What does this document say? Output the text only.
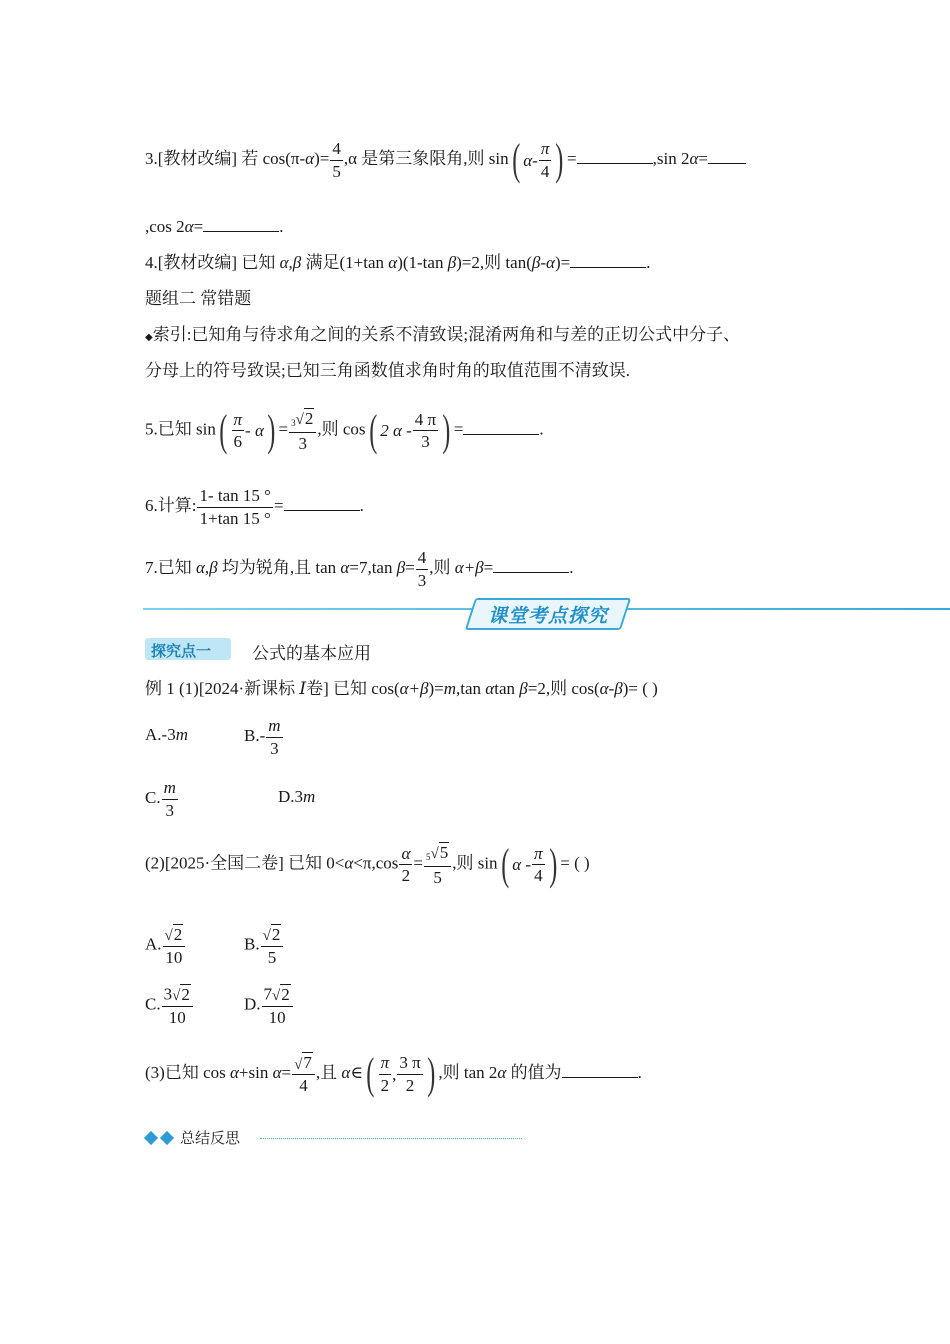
3.[教材改编] 若 $\cos(\pi-\alpha)= \frac{4}{5} ,\alpha$ 是第三象限角,则 sin ( α - $\frac{\pi}{4}$ ) =	,sin 2α=
,cos 2α=	.
4.[教材改编] 已知 α,β 满足(1+tan α)(1-tan β)=2,则 tan(β-α)=	.
题组二 常错题
◆索引:已知角与待求角之间的关系不清致误;混淆两角和与差的正切公式中分子、
分母上的符号致误;已知三角函数值求角时角的取值范围不清致误.
5.已知 sin ( $\frac{\pi}{6}$ - α ) = $\frac{3 √ 2}{3}$ ,则 cos ( 2 α - $\frac{4 \pi}{3}$ ) =	.
6.计算: $\frac{1- \tan 15 ^\circ}{1+\tan 15 ^\circ}$ =	.
7.已知 α,β 均为锐角,且 tan α=7,tan $\beta= \frac{4}{3}$ ,则 α+β=	.
课堂考点探究
探究点一 公式的基本应用
例 1 (1)[2024·新课标 Ⅰ卷] 已知 cos(α+β)=m,tan αtan β=2,则 cos(α-β)= ( )
A.-3m	$B.- \frac{m}{3}$
C. $\frac{m}{3}$	D.3m
(2)[2025·全国二卷] 已知 $0<\alpha<\pi,\cos \frac{\alpha}{2} = \frac{5 √ 5}{5}$ ,则 sin ( α - $\frac{\pi}{4}$ ) = ( )
A. $\frac{√ 2}{10}$	B. $\frac{√ 2}{5}$
C. $\frac{3 √ 2}{10}$	D. $\frac{7 √ 2}{10}$
(3)已知 cos α+sin $\alpha= \frac{√ 7}{4}$ ,且 α∈ ( $\frac{\pi}{2}$ , $\frac{3 \pi}{2}$ ) ,则 tan 2α 的值为	.
总结反思
